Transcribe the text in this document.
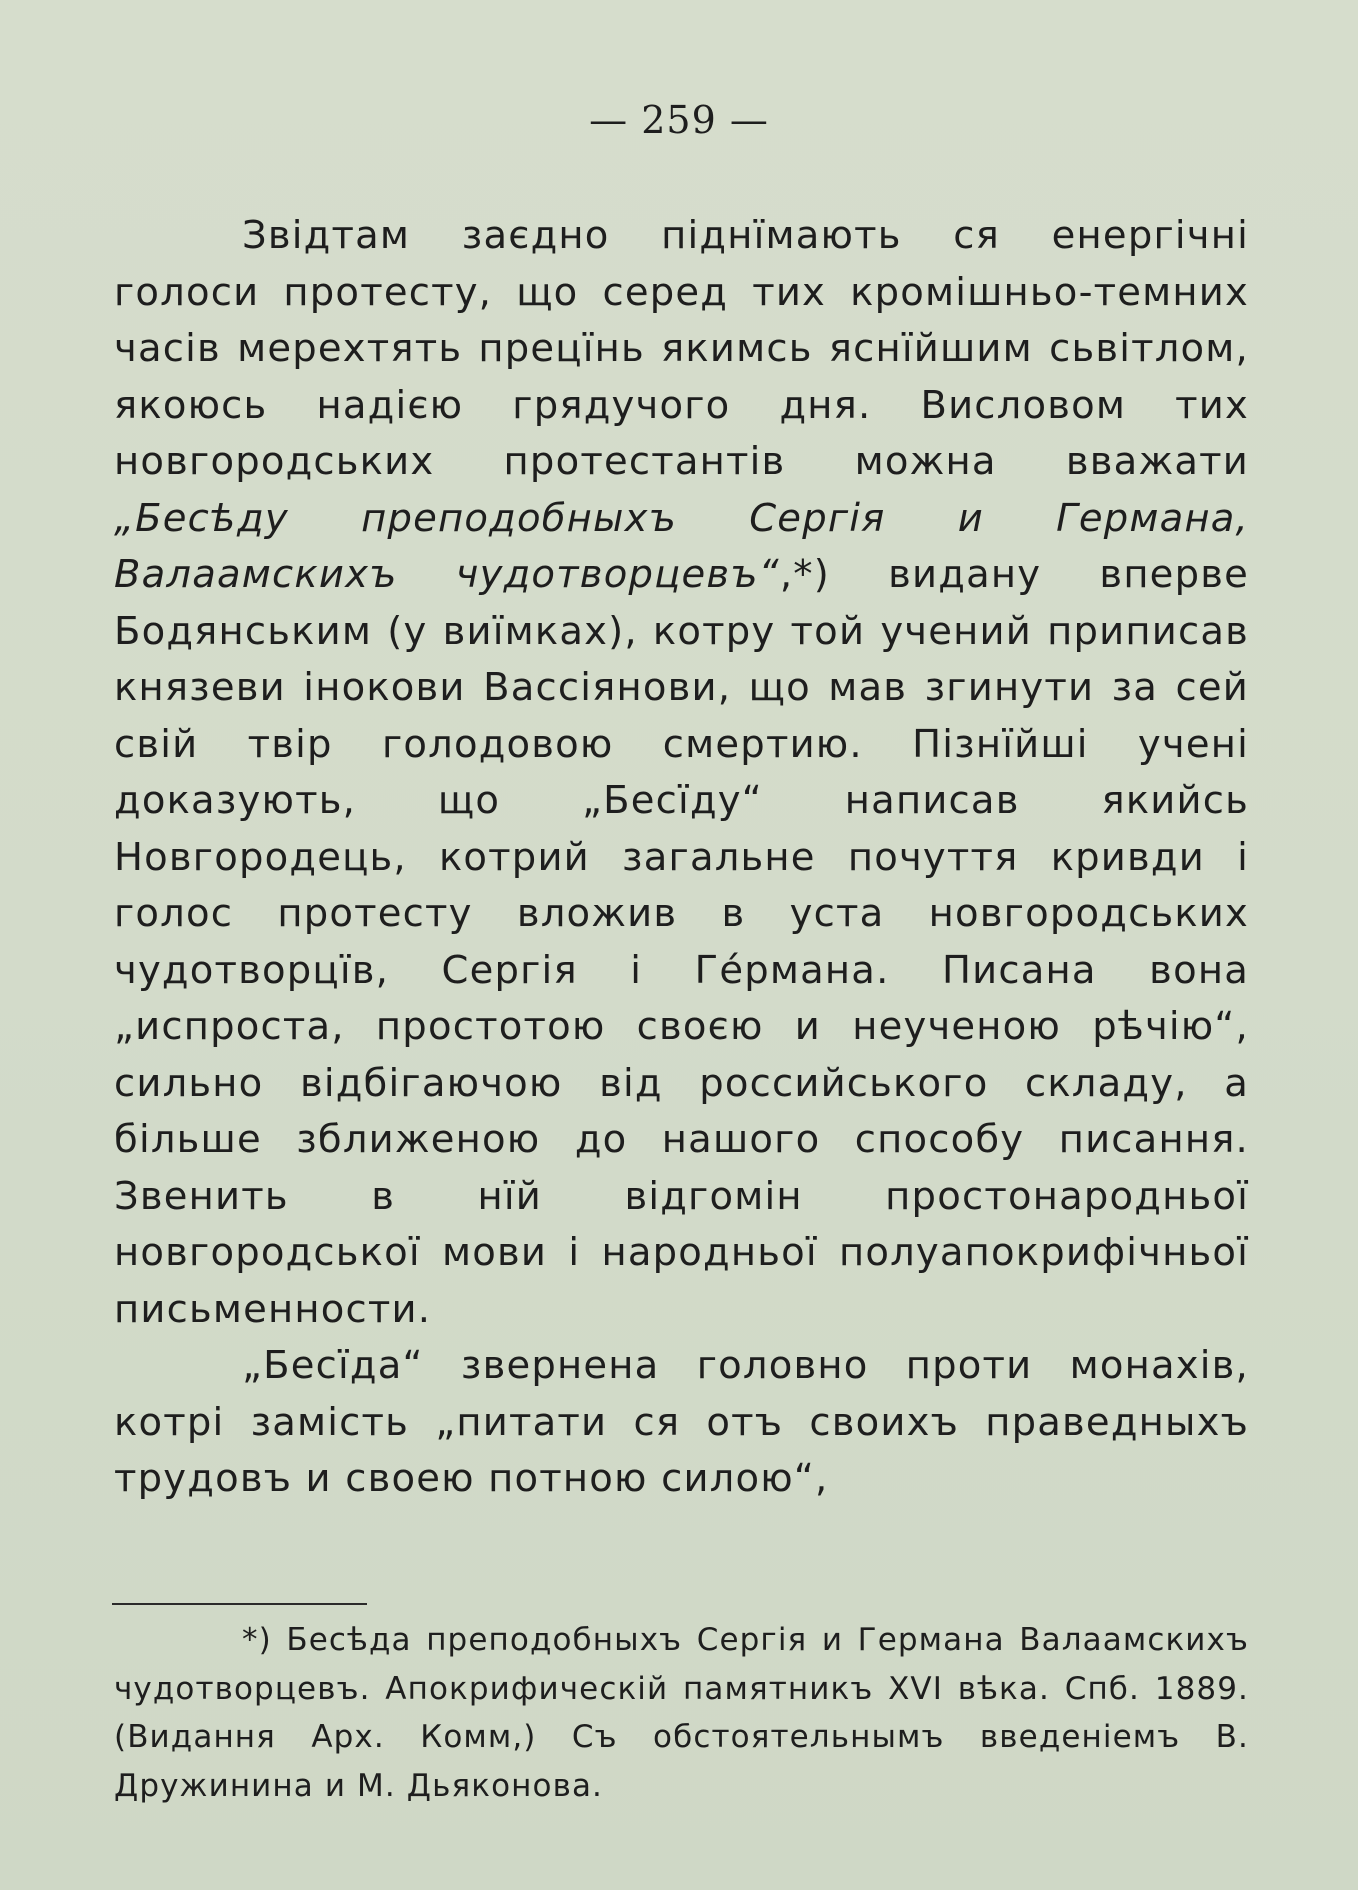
— 259 —

Звідтам заєдно піднїмають ся енергічні голоси протесту, що серед тих кромішньо-темних часів мерехтять прецїнь якимсь яснїйшим сьвітлом, якоюсь надією грядучого дня. Висловом тих новгородських протестантів можна вважати „Бесѣду преподобныхъ Сергія и Германа, Валаамскихъ чудотворцевъ“,*) видану вперве Бодянським (у виїмках), котру той учений приписав князеви інокови Вассіянови, що мав згинути за сей свій твір голодовою смертию. Пізнїйші учені доказують, що „Бесїду“ написав якийсь Новгородець, котрий загальне почуття кривди і голос протесту вложив в уста новгородських чудотворцїв, Сергія і Ге́рмана. Писана вона „испроста, простотою своєю и неученою рѣчію“, сильно відбігаючою від российського складу, а більше зближеною до нашого способу писання. Звенить в нїй відгомін простонародньої новгородської мови і народньої полуапокрифічньої письменности.

„Бесїда“ звернена головно проти монахів, котрі замість „питати ся отъ своихъ праведныхъ трудовъ и своею потною силою“,

*) Бесѣда преподобныхъ Сергія и Германа Валаамскихъ чудотворцевъ. Апокрифическій памятникъ XVI вѣка. Спб. 1889. (Видання Арх. Комм,) Съ обстоятельнымъ введеніемъ В. Дружинина и М. Дьяконова.
